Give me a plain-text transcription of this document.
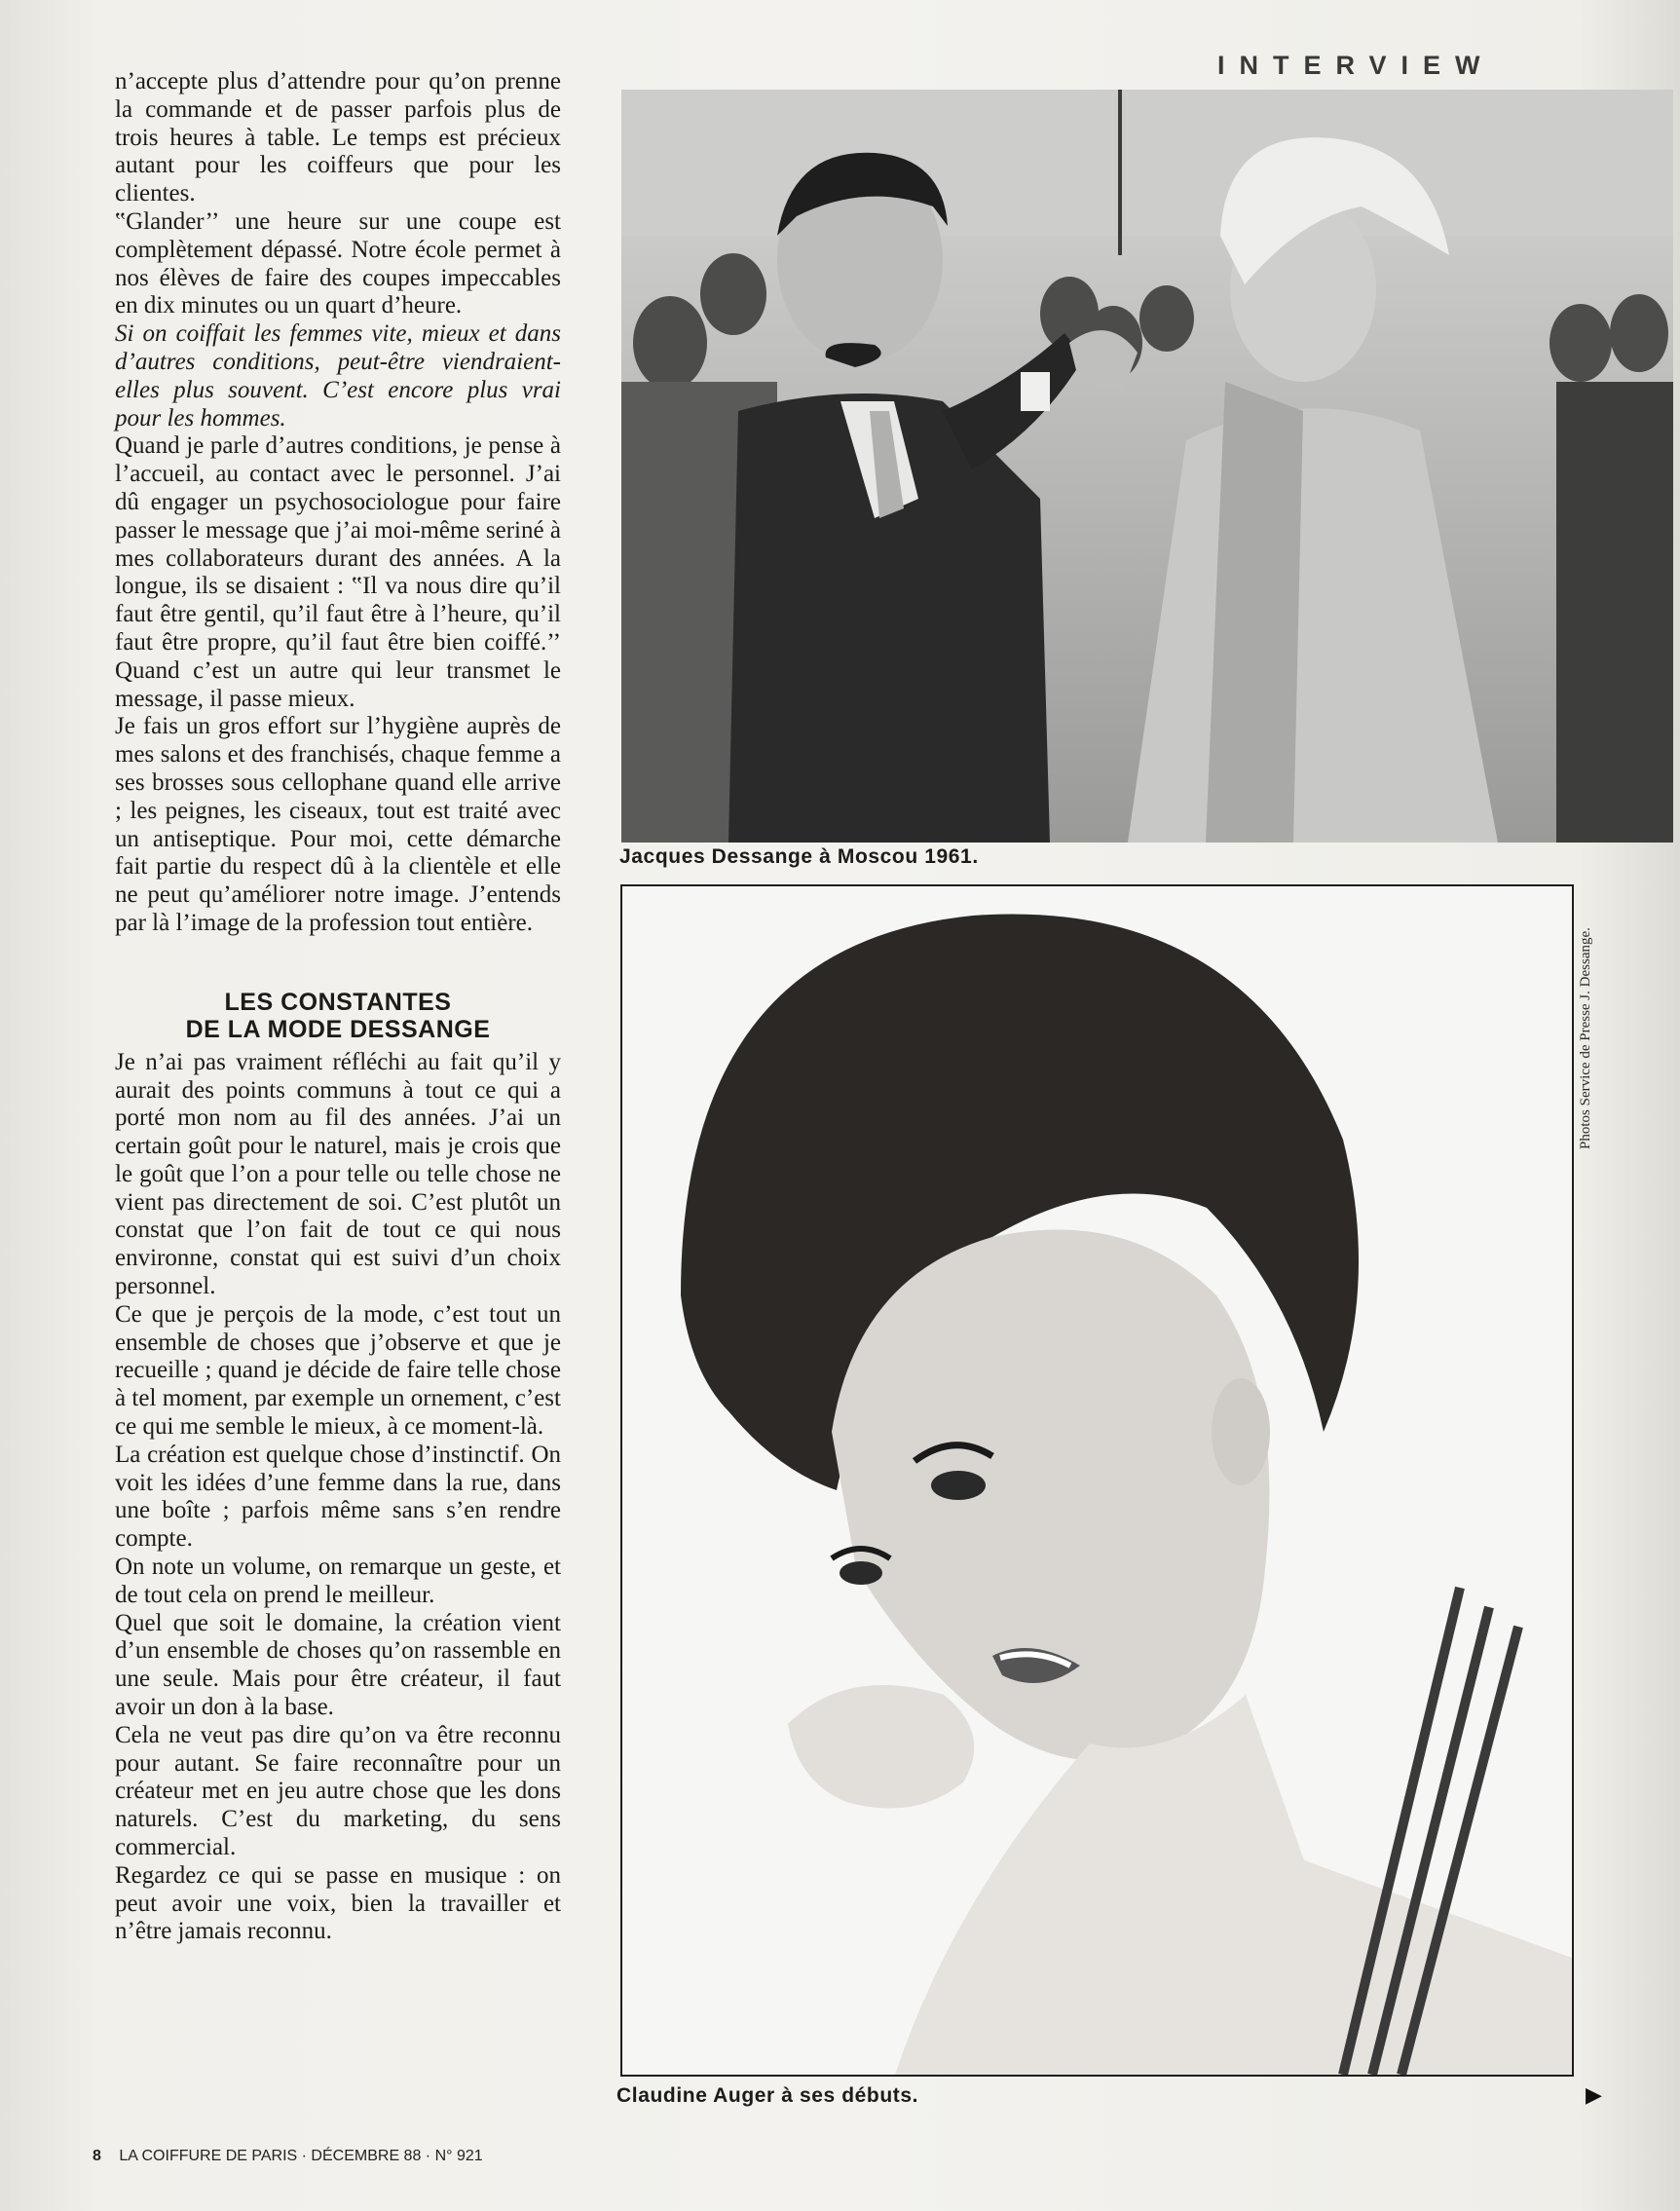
INTERVIEW

n’accepte plus d’attendre pour qu’on prenne la commande et de passer parfois plus de trois heures à table. Le temps est précieux autant pour les coiffeurs que pour les clientes.

‟Glander’’ une heure sur une coupe est complètement dépassé. Notre école permet à nos élèves de faire des coupes impeccables en dix minutes ou un quart d’heure.

Si on coiffait les femmes vite, mieux et dans d’autres conditions, peut-être viendraient-elles plus souvent. C’est encore plus vrai pour les hommes.

Quand je parle d’autres conditions, je pense à l’accueil, au contact avec le personnel. J’ai dû engager un psychosociologue pour faire passer le message que j’ai moi-même seriné à mes collaborateurs durant des années. A la longue, ils se disaient : ‟Il va nous dire qu’il faut être gentil, qu’il faut être à l’heure, qu’il faut être propre, qu’il faut être bien coiffé.’’ Quand c’est un autre qui leur transmet le message, il passe mieux.

Je fais un gros effort sur l’hygiène auprès de mes salons et des franchisés, chaque femme a ses brosses sous cellophane quand elle arrive ; les peignes, les ciseaux, tout est traité avec un antiseptique. Pour moi, cette démarche fait partie du respect dû à la clientèle et elle ne peut qu’améliorer notre image. J’entends par là l’image de la profession tout entière.

LES CONSTANTES
DE LA MODE DESSANGE

Je n’ai pas vraiment réfléchi au fait qu’il y aurait des points communs à tout ce qui a porté mon nom au fil des années. J’ai un certain goût pour le naturel, mais je crois que le goût que l’on a pour telle ou telle chose ne vient pas directement de soi. C’est plutôt un constat que l’on fait de tout ce qui nous environne, constat qui est suivi d’un choix personnel.

Ce que je perçois de la mode, c’est tout un ensemble de choses que j’observe et que je recueille ; quand je décide de faire telle chose à tel moment, par exemple un ornement, c’est ce qui me semble le mieux, à ce moment-là.

La création est quelque chose d’instinctif. On voit les idées d’une femme dans la rue, dans une boîte ; parfois même sans s’en rendre compte.

On note un volume, on remarque un geste, et de tout cela on prend le meilleur.

Quel que soit le domaine, la création vient d’un ensemble de choses qu’on rassemble en une seule. Mais pour être créateur, il faut avoir un don à la base.

Cela ne veut pas dire qu’on va être reconnu pour autant. Se faire reconnaître pour un créateur met en jeu autre chose que les dons naturels. C’est du marketing, du sens commercial.

Regardez ce qui se passe en musique : on peut avoir une voix, bien la travailler et n’être jamais reconnu.

Jacques Dessange à Moscou 1961.
Claudine Auger à ses débuts.
Photos Service de Presse J. Dessange.
▶
8 LA COIFFURE DE PARIS · DÉCEMBRE 88 · N° 921
